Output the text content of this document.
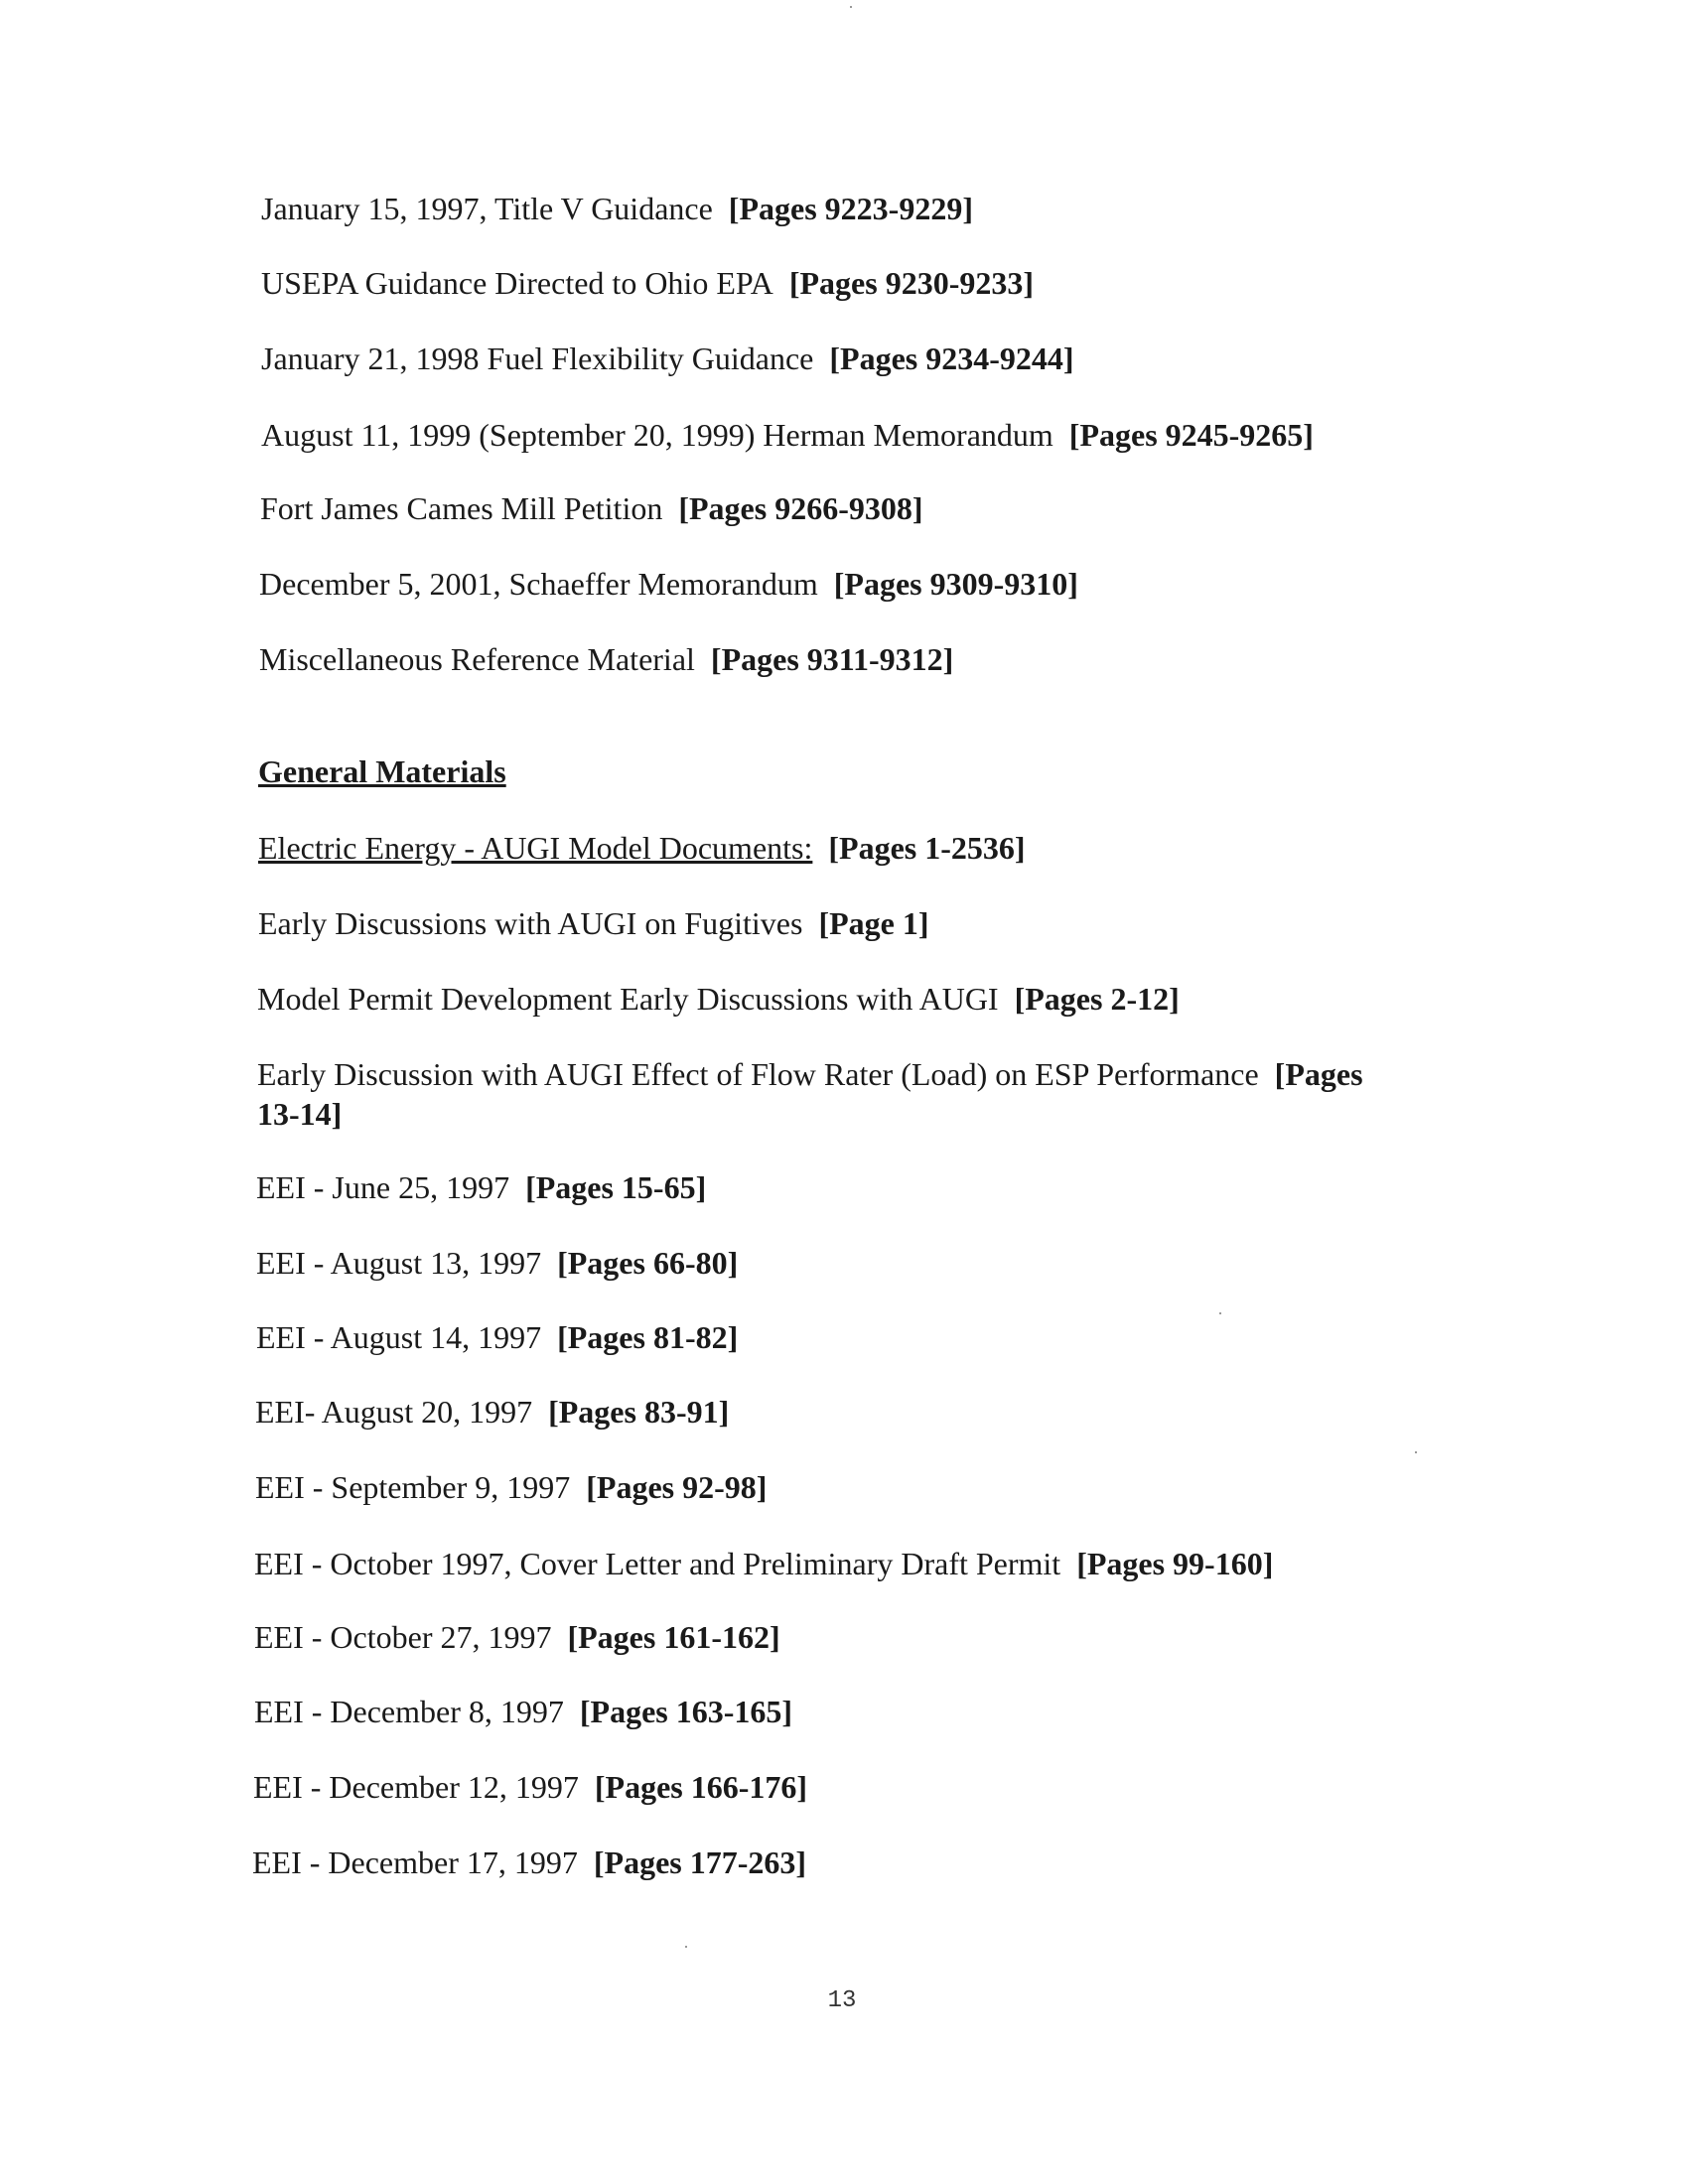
January 15, 1997, Title V Guidance [Pages 9223-9229]
USEPA Guidance Directed to Ohio EPA [Pages 9230-9233]
January 21, 1998 Fuel Flexibility Guidance [Pages 9234-9244]
August 11, 1999 (September 20, 1999) Herman Memorandum [Pages 9245-9265]
Fort James Cames Mill Petition [Pages 9266-9308]
December 5, 2001, Schaeffer Memorandum [Pages 9309-9310]
Miscellaneous Reference Material [Pages 9311-9312]
General Materials
Electric Energy - AUGI Model Documents: [Pages 1-2536]
Early Discussions with AUGI on Fugitives [Page 1]
Model Permit Development Early Discussions with AUGI [Pages 2-12]
Early Discussion with AUGI Effect of Flow Rater (Load) on ESP Performance [Pages 13-14]
EEI - June 25, 1997 [Pages 15-65]
EEI - August 13, 1997 [Pages 66-80]
EEI - August 14, 1997 [Pages 81-82]
EEI- August 20, 1997 [Pages 83-91]
EEI - September 9, 1997 [Pages 92-98]
EEI - October 1997, Cover Letter and Preliminary Draft Permit [Pages 99-160]
EEI - October 27, 1997 [Pages 161-162]
EEI - December 8, 1997 [Pages 163-165]
EEI - December 12, 1997 [Pages 166-176]
EEI - December 17, 1997 [Pages 177-263]
13
